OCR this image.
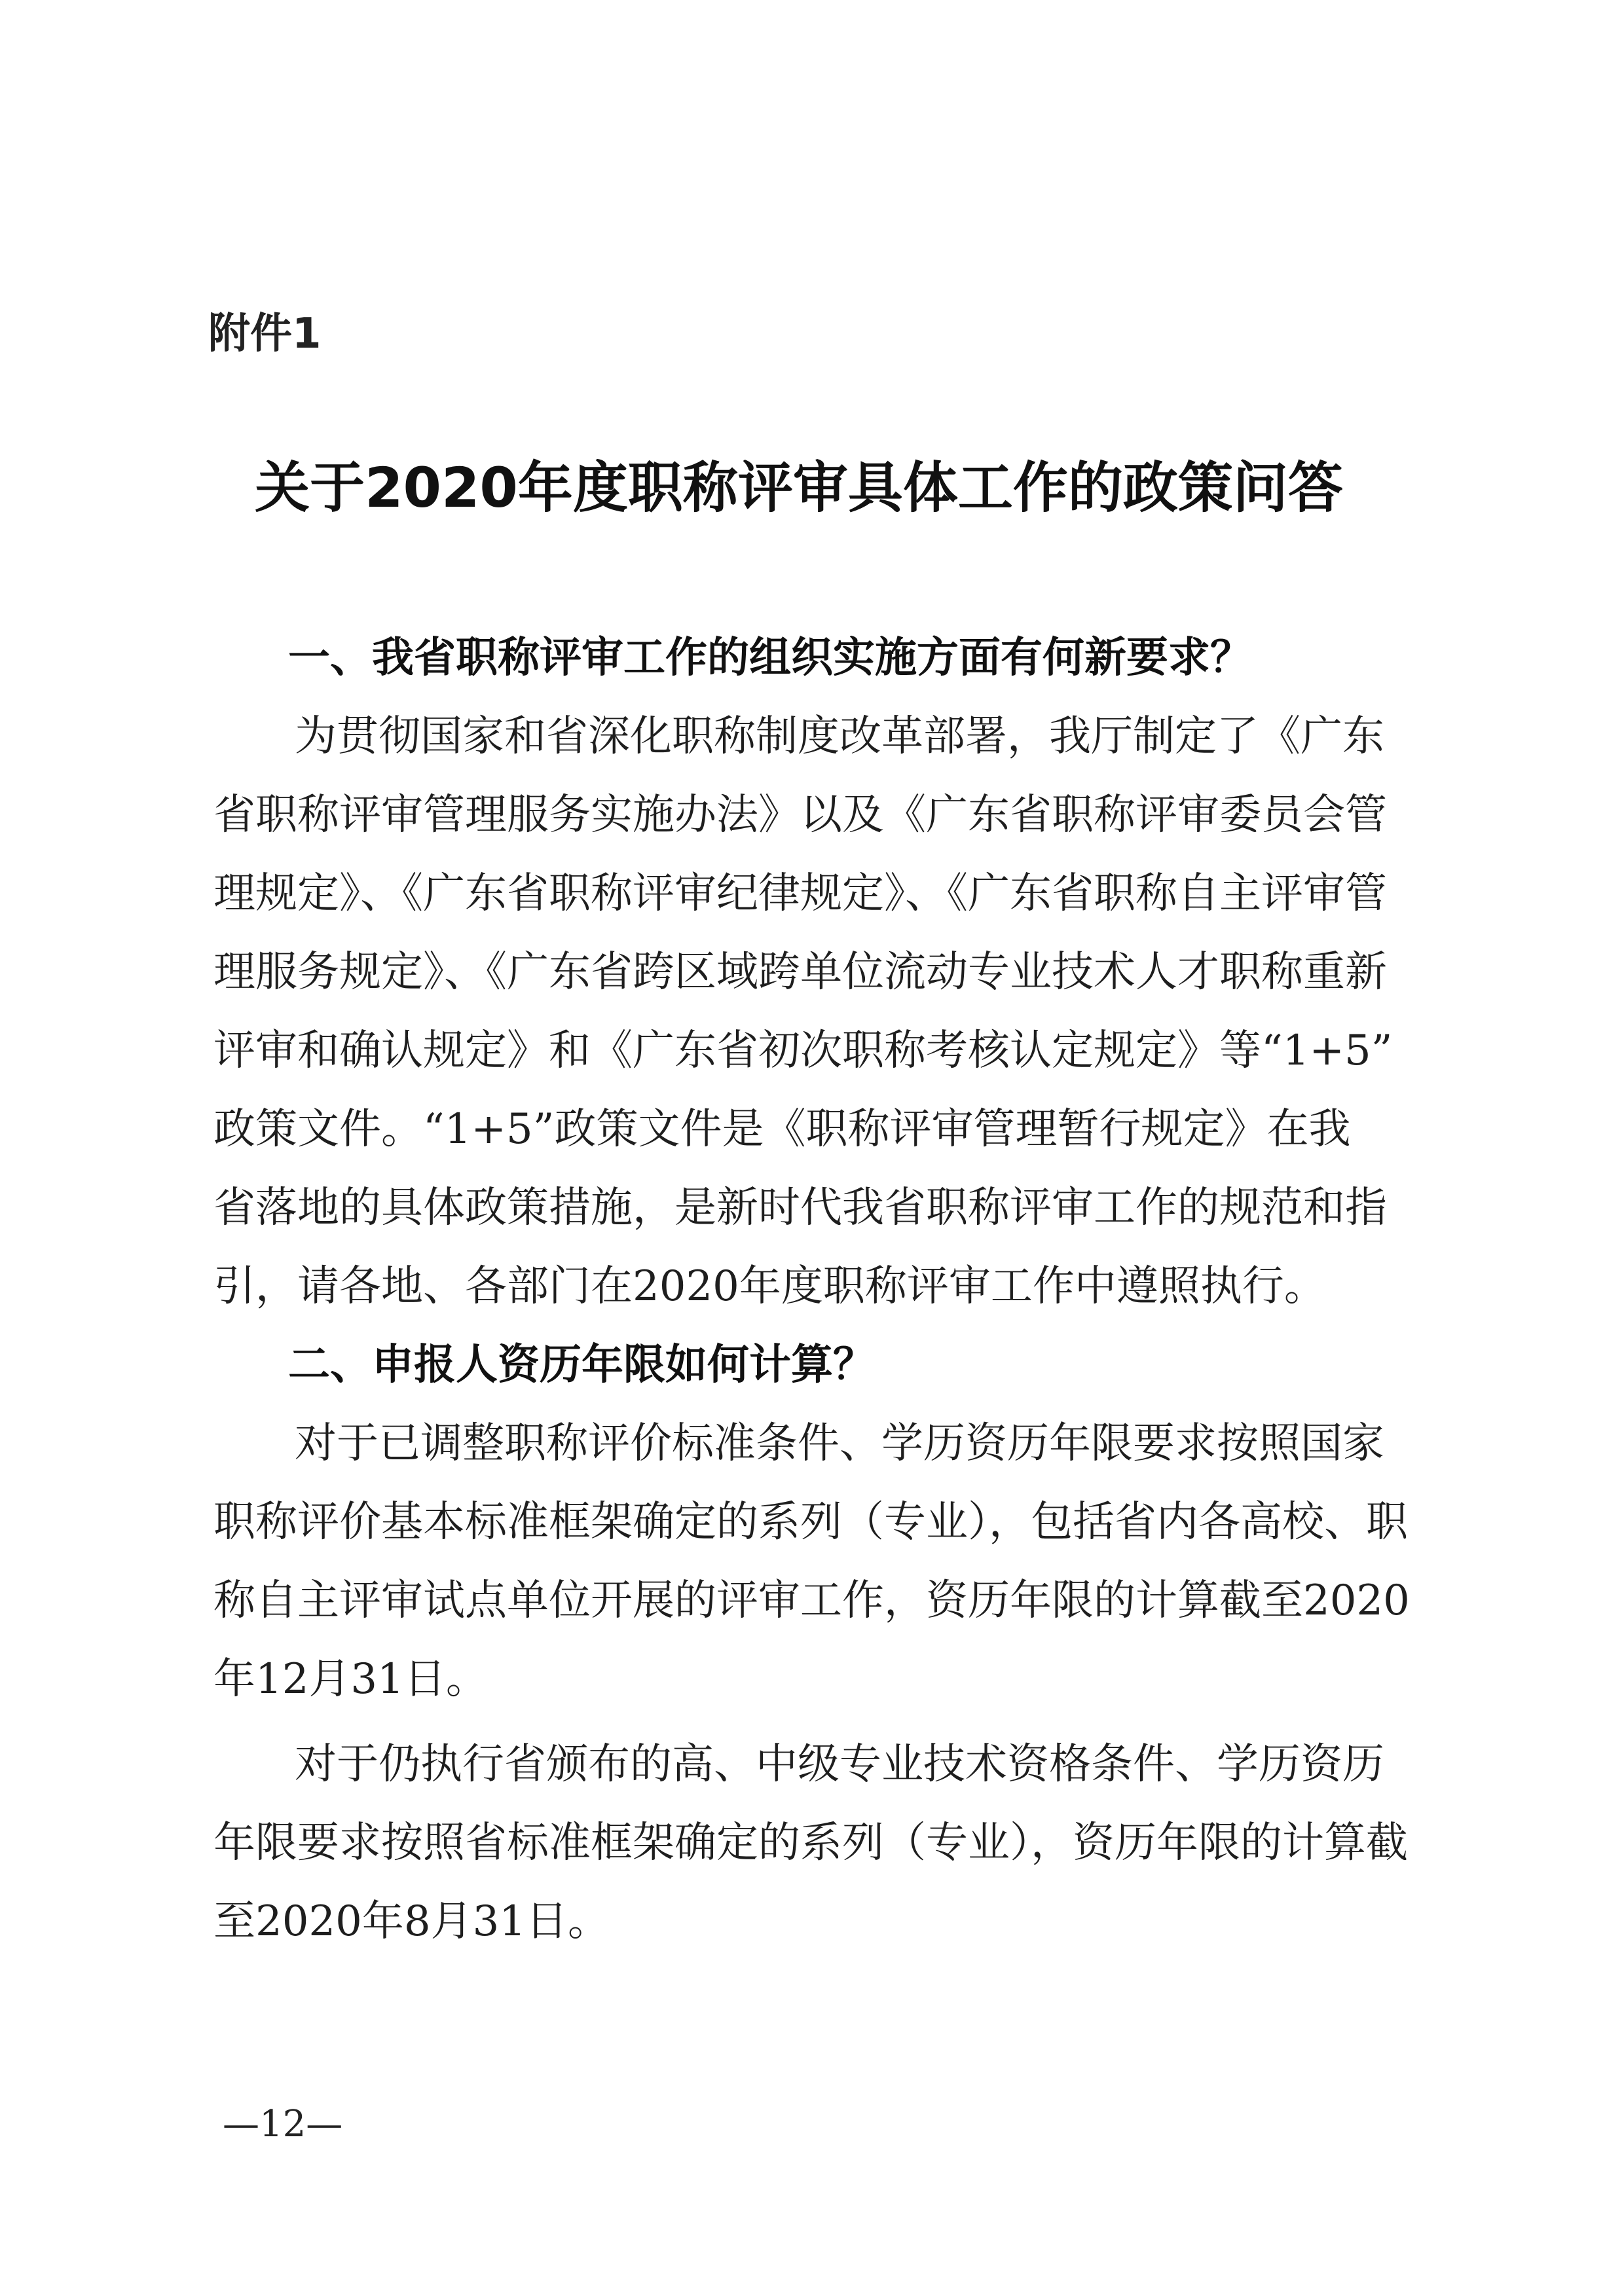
附件1
关于2020年度职称评审具体工作的政策问答
一、我省职称评审工作的组织实施方面有何新要求？
为贯彻国家和省深化职称制度改革部署，我厅制定了《广东
省职称评审管理服务实施办法》以及《广东省职称评审委员会管
理规定》、《广东省职称评审纪律规定》、《广东省职称自主评审管
理服务规定》、《广东省跨区域跨单位流动专业技术人才职称重新
评审和确认规定》和《广东省初次职称考核认定规定》等“1+5”
政策文件。“1+5”政策文件是《职称评审管理暂行规定》在我
省落地的具体政策措施，是新时代我省职称评审工作的规范和指
引，请各地、各部门在2020年度职称评审工作中遵照执行。
二、申报人资历年限如何计算？
对于已调整职称评价标准条件、学历资历年限要求按照国家
职称评价基本标准框架确定的系列（专业），包括省内各高校、职
称自主评审试点单位开展的评审工作，资历年限的计算截至2020
年12月31日。
对于仍执行省颁布的高、中级专业技术资格条件、学历资历
年限要求按照省标准框架确定的系列（专业），资历年限的计算截
至2020年8月31日。
—12—
